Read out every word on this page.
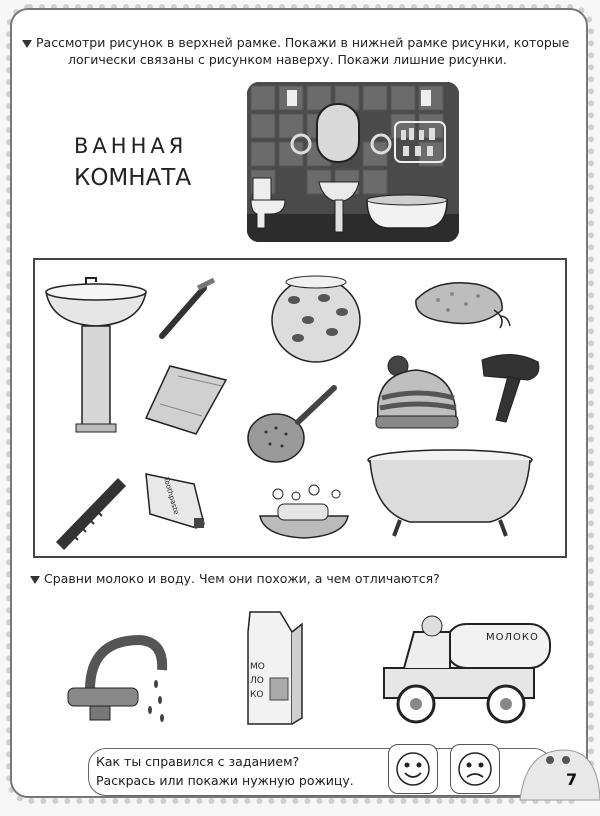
Рассмотри рисунок в верхней рамке. Покажи в нижней рамке рисунки, которые
логически связаны с рисунком наверху. Покажи лишние рисунки.
ВАННАЯ
КОМНАТА
Toothpaste
Сравни молоко и воду. Чем они похожи, а чем отличаются?
МО
ЛО
КО
МОЛОКО
Как ты справился с заданием?
Раскрась или покажи нужную рожицу.	7
